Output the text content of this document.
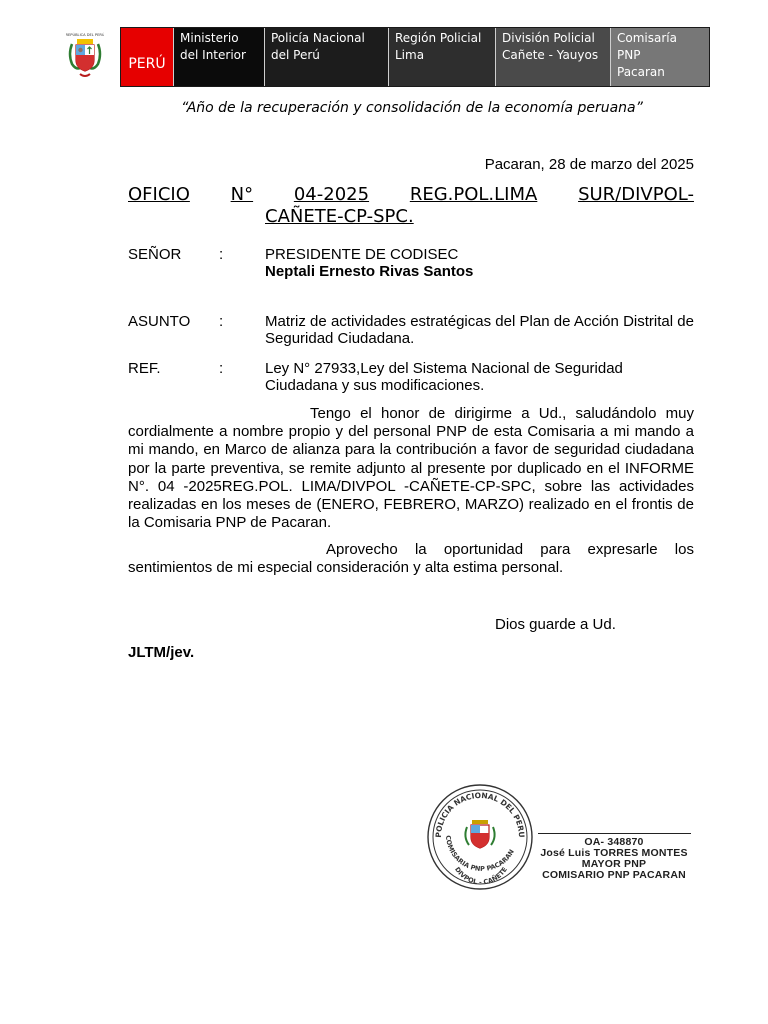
REPÚBLICA DEL PERÚ
PERÚ
Ministerio
del Interior
Policía Nacional
del Perú
Región Policial
Lima
División Policial
Cañete - Yauyos
Comisaría PNP
Pacaran
“Año de la recuperación y consolidación de la economía peruana”
Pacaran, 28 de marzo del 2025
OFICIO N° 04-2025 REG.POL.LIMA SUR/DIVPOL-
CAÑETE-CP-SPC.
SEÑOR	:	PRESIDENTE DE CODISEC
Neptali Ernesto Rivas Santos
ASUNTO :	Matriz de actividades estratégicas del Plan de Acción Distrital de Seguridad Ciudadana.
REF.	:	Ley N° 27933,Ley del Sistema Nacional de Seguridad Ciudadana y sus modificaciones.
Tengo el honor de dirigirme a Ud., saludándolo muy cordialmente a nombre propio y del personal PNP de esta Comisaria a mi mando a mi mando, en Marco de alianza para la contribución a favor de seguridad ciudadana por la parte preventiva, se remite adjunto al presente por duplicado en el INFORME N°. 04 -2025REG.POL. LIMA/DIVPOL -CAÑETE-CP-SPC, sobre las actividades realizadas en los meses de (ENERO, FEBRERO, MARZO) realizado en el frontis de la Comisaria PNP de Pacaran.
Aprovecho la oportunidad para expresarle los sentimientos de mi especial consideración y alta estima personal.
Dios guarde a Ud.
JLTM/jev.
POLICIA NACIONAL DEL PERU
COMISARIA PNP PACARAN
DIVPOL - CAÑETE
OA- 348870
José Luis TORRES MONTES
MAYOR PNP
COMISARIO PNP PACARAN
